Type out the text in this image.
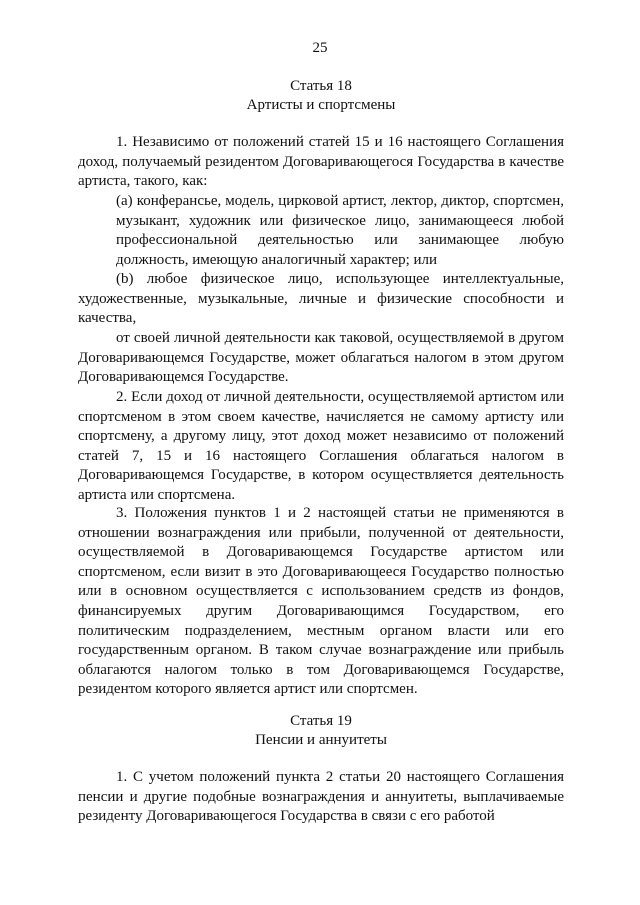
25
Статья 18
Артисты и спортсмены
1. Независимо от положений статей 15 и 16 настоящего Соглашения доход, получаемый резидентом Договаривающегося Государства в качестве артиста, такого, как:
(a) конферансье, модель, цирковой артист, лектор, диктор, спортсмен, музыкант, художник или физическое лицо, занимающееся любой профессиональной деятельностью или занимающее любую должность, имеющую аналогичный характер; или
(b) любое физическое лицо, использующее интеллектуальные, художественные, музыкальные, личные и физические способности и качества,
от своей личной деятельности как таковой, осуществляемой в другом Договаривающемся Государстве, может облагаться налогом в этом другом Договаривающемся Государстве.
2. Если доход от личной деятельности, осуществляемой артистом или спортсменом в этом своем качестве, начисляется не самому артисту или спортсмену, а другому лицу, этот доход может независимо от положений статей 7, 15 и 16 настоящего Соглашения облагаться налогом в Договаривающемся Государстве, в котором осуществляется деятельность артиста или спортсмена.
3. Положения пунктов 1 и 2 настоящей статьи не применяются в отношении вознаграждения или прибыли, полученной от деятельности, осуществляемой в Договаривающемся Государстве артистом или спортсменом, если визит в это Договаривающееся Государство полностью или в основном осуществляется с использованием средств из фондов, финансируемых другим Договаривающимся Государством, его политическим подразделением, местным органом власти или его государственным органом. В таком случае вознаграждение или прибыль облагаются налогом только в том Договаривающемся Государстве, резидентом которого является артист или спортсмен.
Статья 19
Пенсии и аннуитеты
1. С учетом положений пункта 2 статьи 20 настоящего Соглашения пенсии и другие подобные вознаграждения и аннуитеты, выплачиваемые резиденту Договаривающегося Государства в связи с его работой
